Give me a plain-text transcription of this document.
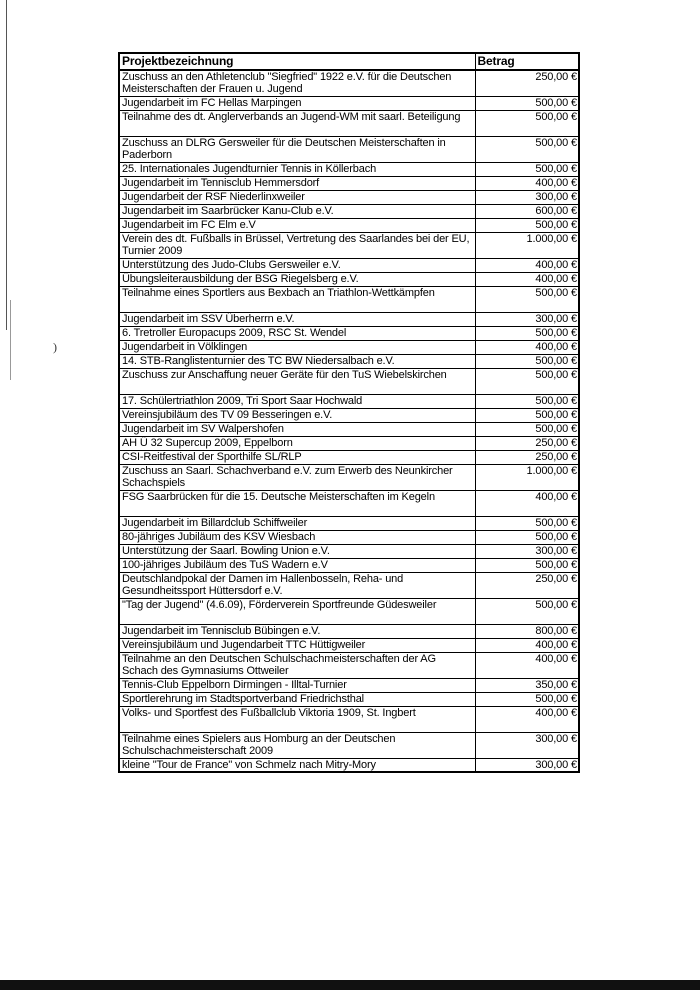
)
Projektbezeichnung	Betrag
Zuschuss an den Athletenclub "Siegfried" 1922 e.V. für die Deutschen Meisterschaften der Frauen u. Jugend	250,00 €
Jugendarbeit im FC Hellas Marpingen	500,00 €
Teilnahme des dt. Anglerverbands an Jugend-WM mit saarl. Beteiligung	500,00 €
Zuschuss an DLRG Gersweiler für die Deutschen Meisterschaften in Paderborn	500,00 €
25. Internationales Jugendturnier Tennis in Köllerbach	500,00 €
Jugendarbeit im Tennisclub Hemmersdorf	400,00 €
Jugendarbeit der RSF Niederlinxweiler	300,00 €
Jugendarbeit im Saarbrücker Kanu-Club e.V.	600,00 €
Jugendarbeit im FC Elm e.V	500,00 €
Verein des dt. Fußballs in Brüssel, Vertretung des Saarlandes bei der EU, Turnier 2009	1.000,00 €
Unterstützung des Judo-Clubs Gersweiler e.V.	400,00 €
Übungsleiterausbildung der BSG Riegelsberg e.V.	400,00 €
Teilnahme eines Sportlers aus Bexbach an Triathlon-Wettkämpfen	500,00 €
Jugendarbeit im SSV Überherrn e.V.	300,00 €
6. Tretroller Europacups 2009, RSC St. Wendel	500,00 €
Jugendarbeit in Völklingen	400,00 €
14. STB-Ranglistenturnier des TC BW Niedersalbach e.V.	500,00 €
Zuschuss zur Anschaffung neuer Geräte für den TuS Wiebelskirchen	500,00 €
17. Schülertriathlon 2009, Tri Sport Saar Hochwald	500,00 €
Vereinsjubiläum des TV 09 Besseringen e.V.	500,00 €
Jugendarbeit im SV Walpershofen	500,00 €
AH Ü 32 Supercup 2009, Eppelborn	250,00 €
CSI-Reitfestival der Sporthilfe SL/RLP	250,00 €
Zuschuss an Saarl. Schachverband e.V. zum Erwerb des Neunkircher Schachspiels	1.000,00 €
FSG Saarbrücken für die 15. Deutsche Meisterschaften im Kegeln	400,00 €
Jugendarbeit im Billardclub Schiffweiler	500,00 €
80-jähriges Jubiläum des KSV Wiesbach	500,00 €
Unterstützung der Saarl. Bowling Union e.V.	300,00 €
100-jähriges Jubiläum des TuS Wadern e.V	500,00 €
Deutschlandpokal der Damen im Hallenbosseln, Reha- und Gesundheitssport Hüttersdorf e.V.	250,00 €
"Tag der Jugend" (4.6.09), Förderverein Sportfreunde Güdesweiler	500,00 €
Jugendarbeit im Tennisclub Bübingen e.V.	800,00 €
Vereinsjubiläum und Jugendarbeit TTC Hüttigweiler	400,00 €
Teilnahme an den Deutschen Schulschachmeisterschaften der AG Schach des Gymnasiums Ottweiler	400,00 €
Tennis-Club Eppelborn Dirmingen - Illtal-Turnier	350,00 €
Sportlerehrung im Stadtsportverband Friedrichsthal	500,00 €
Volks- und Sportfest des Fußballclub Viktoria 1909, St. Ingbert	400,00 €
Teilnahme eines Spielers aus Homburg an der Deutschen Schulschachmeisterschaft 2009	300,00 €
kleine "Tour de France" von Schmelz nach Mitry-Mory	300,00 €
